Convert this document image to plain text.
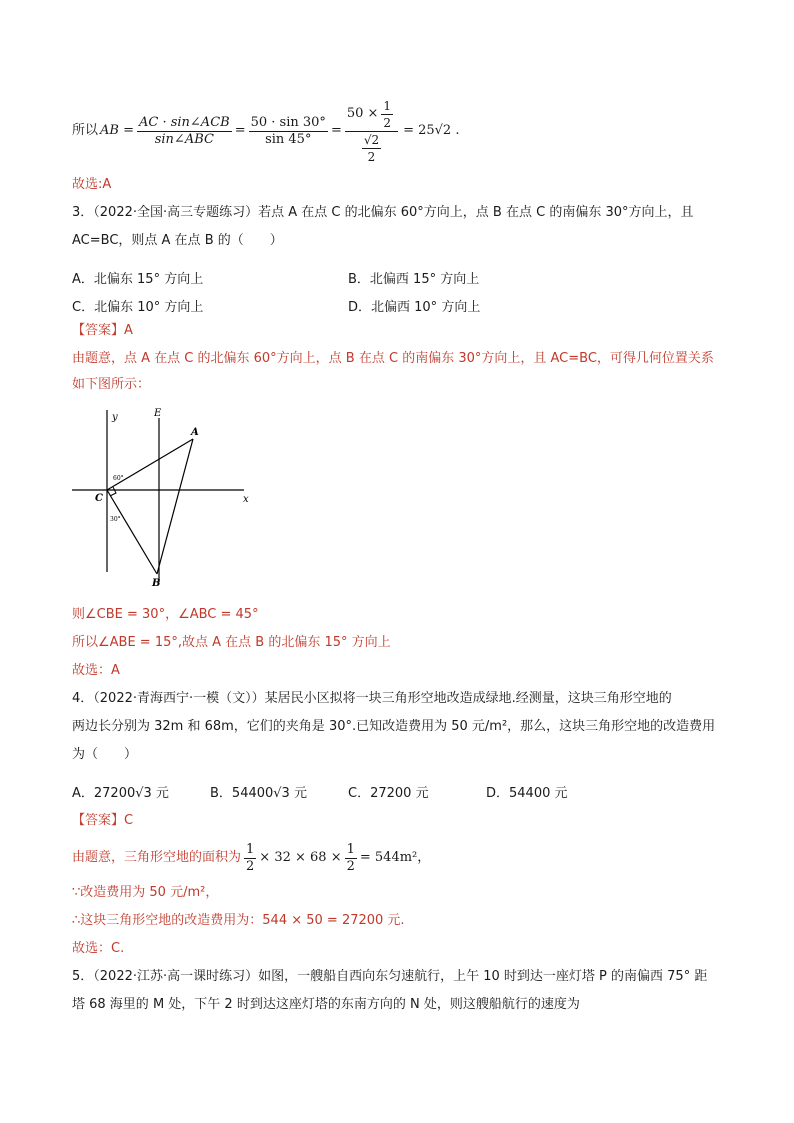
所以 AB = $\frac{\text{AC · sin∠ACB}}{\text{sin∠ABC}} = \frac{50 \cdot \sin 30^\circ}{\sin 45^\circ} = \frac{50 \times \frac{1}{2}}{\frac{√2}{2}} = 25√2$ .
故选:A
3．（2022·全国·高三专题练习）若点 A 在点 C 的北偏东 60°方向上，点 B 在点 C 的南偏东 30°方向上，且
AC=BC，则点 A 在点 B 的（　　）
A．北偏东 15° 方向上	B．北偏西 15° 方向上
C．北偏东 10° 方向上	D．北偏西 10° 方向上
【答案】A
由题意，点 A 在点 C 的北偏东 60°方向上，点 B 在点 C 的南偏东 30°方向上，且 AC=BC，可得几何位置关系
如下图所示：
y	E
A
60°
C	x
30°
B
则∠CBE = 30°，∠ABC = 45°
所以∠ABE = 15°,故点 A 在点 B 的北偏东 15° 方向上
故选：A
4．（2022·青海西宁·一模（文））某居民小区拟将一块三角形空地改造成绿地.经测量，这块三角形空地的
两边长分别为 32m 和 68m，它们的夹角是 30°.已知改造费用为 50 元/m²，那么，这块三角形空地的改造费用
为（　　）
A．27200√3 元	B．54400√3 元	C．27200 元	D．54400 元
【答案】C
由题意，三角形空地的面积为 $\frac{1}{2} \times 32 \times 68 \times \frac{1}{2} = 544m^2$，
∵改造费用为 50 元/m²，
∴这块三角形空地的改造费用为：544 × 50 = 27200 元.
故选：C.
5．（2022·江苏·高一课时练习）如图，一艘船自西向东匀速航行，上午 10 时到达一座灯塔 P 的南偏西 75° 距
塔 68 海里的 M 处，下午 2 时到达这座灯塔的东南方向的 N 处，则这艘船航行的速度为
